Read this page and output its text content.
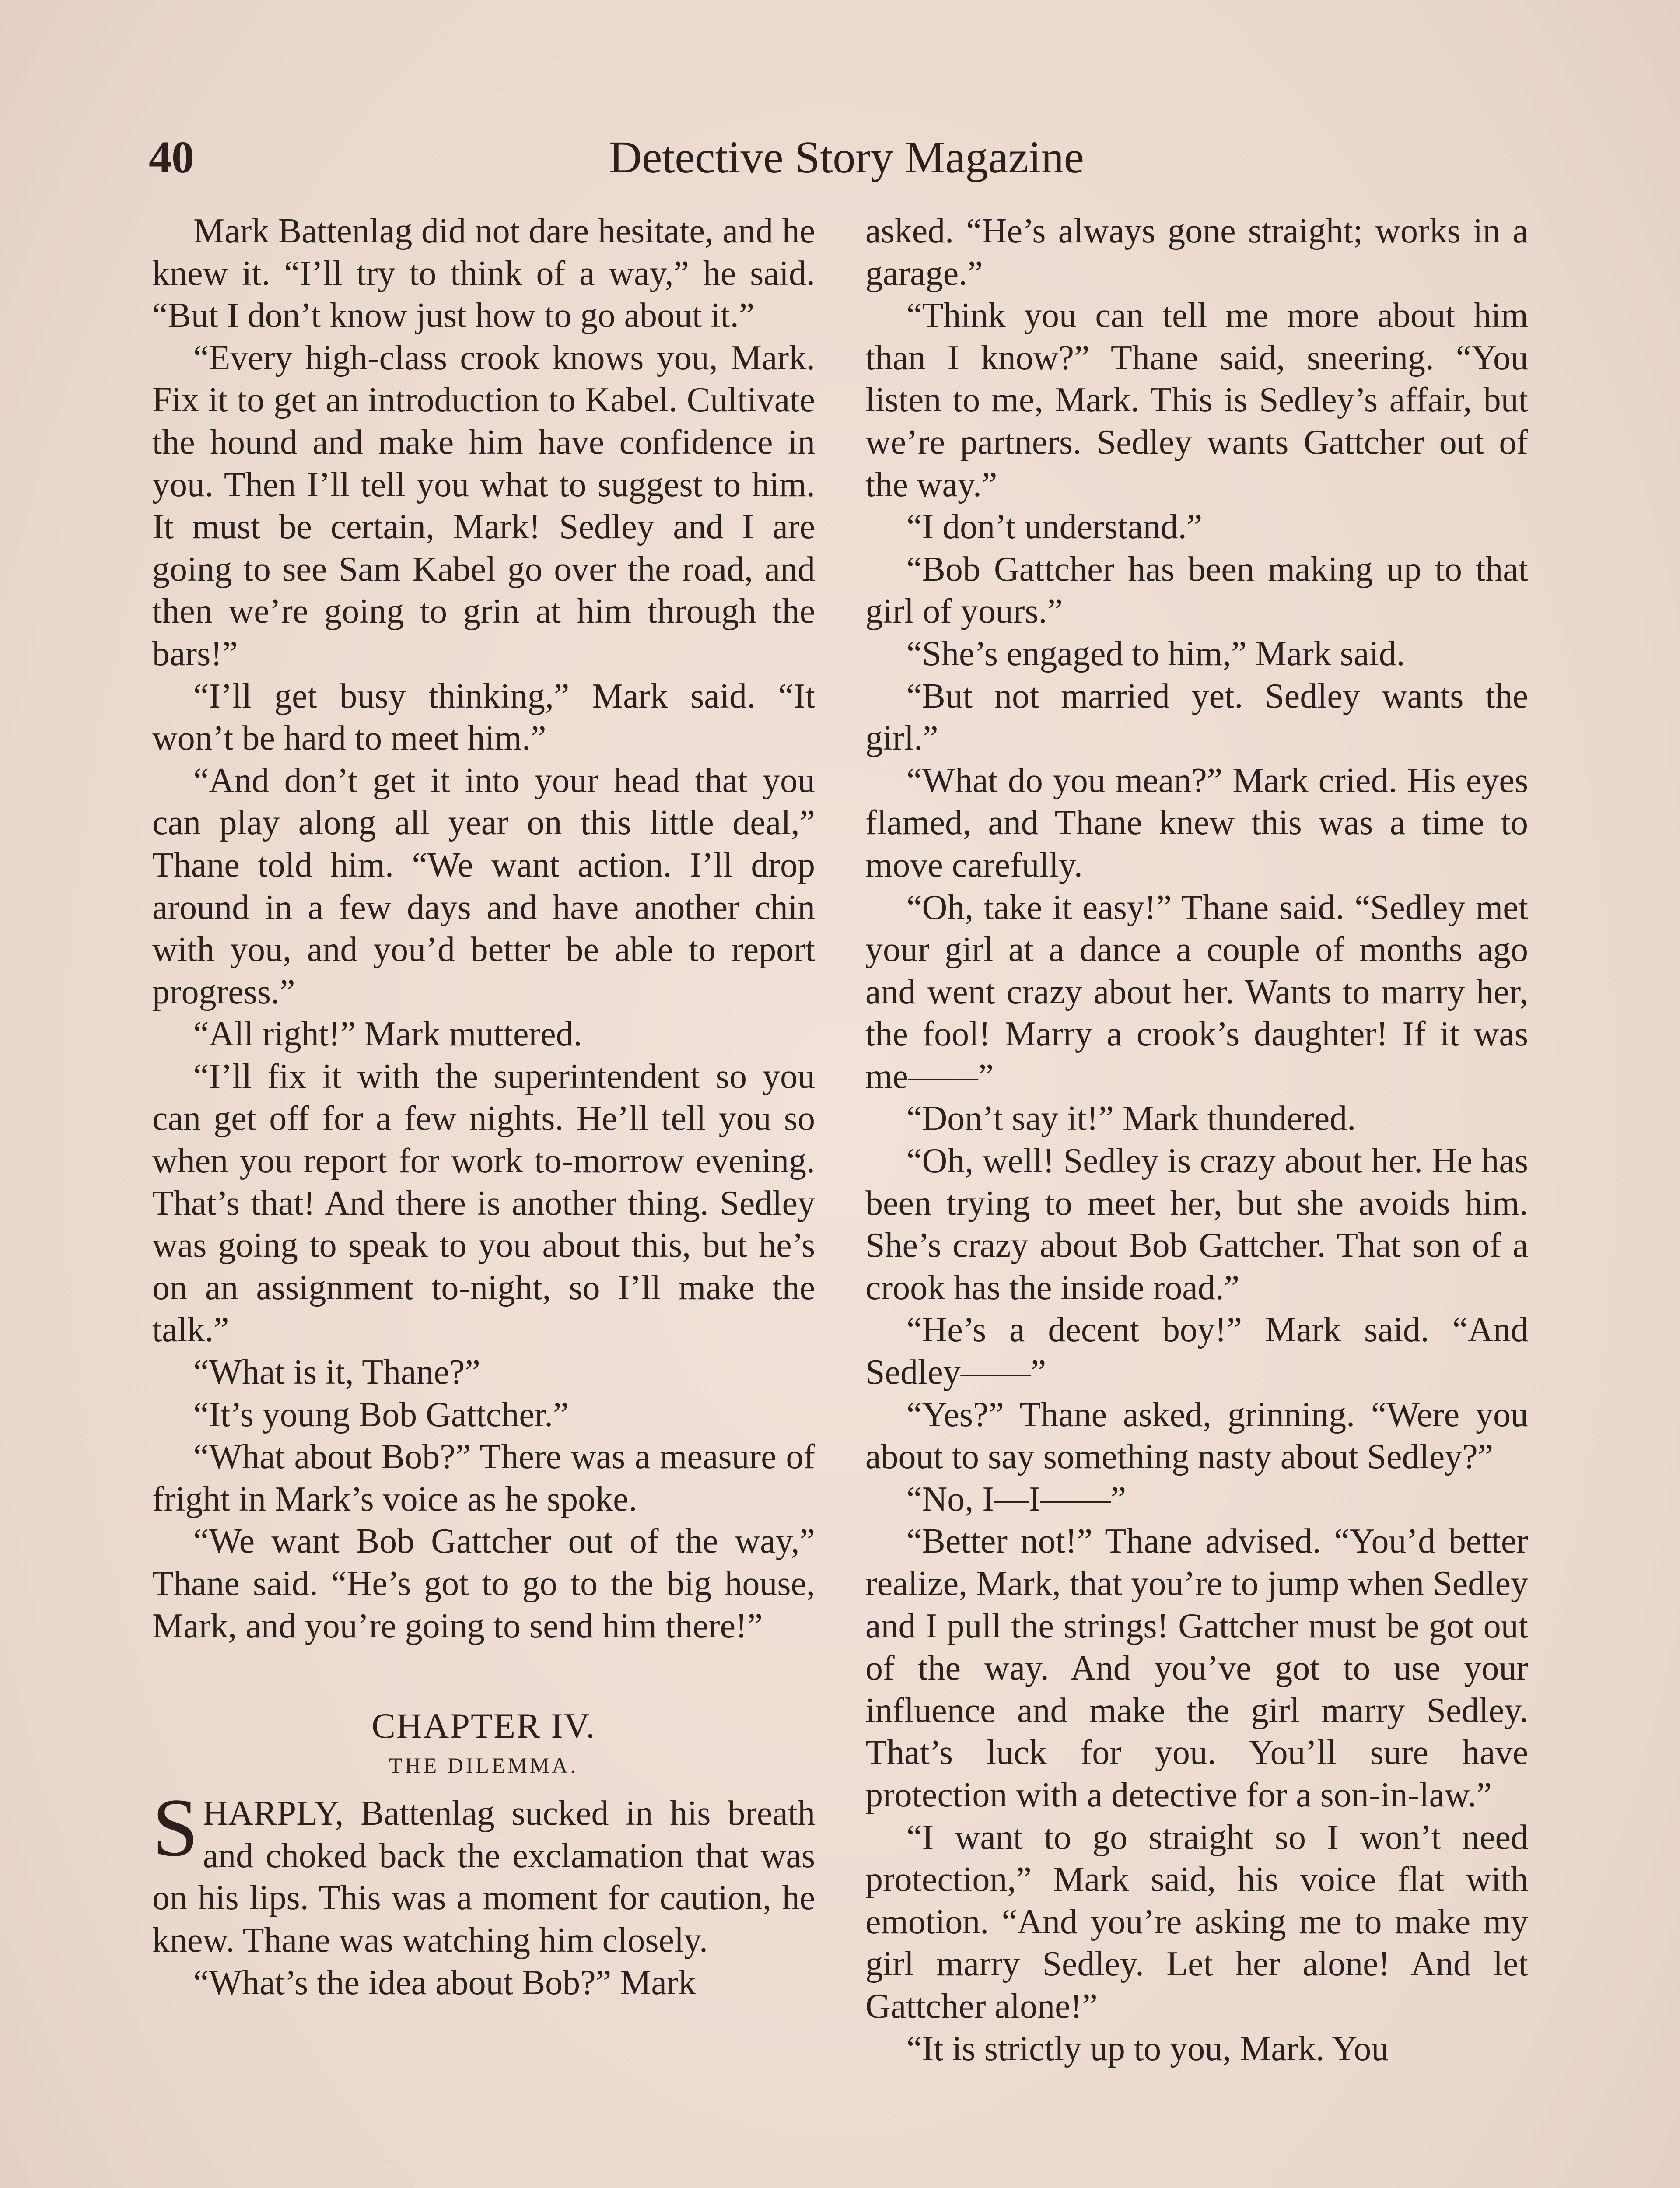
40	Detective Story Magazine

Mark Battenlag did not dare hesitate, and he knew it. “I’ll try to think of a way,” he said. “But I don’t know just how to go about it.”

“Every high-class crook knows you, Mark. Fix it to get an introduction to Kabel. Cultivate the hound and make him have confidence in you. Then I’ll tell you what to suggest to him. It must be certain, Mark! Sedley and I are going to see Sam Kabel go over the road, and then we’re going to grin at him through the bars!”

“I’ll get busy thinking,” Mark said. “It won’t be hard to meet him.”

“And don’t get it into your head that you can play along all year on this little deal,” Thane told him. “We want action. I’ll drop around in a few days and have another chin with you, and you’d better be able to report progress.”

“All right!” Mark muttered.

“I’ll fix it with the superintendent so you can get off for a few nights. He’ll tell you so when you report for work to-morrow evening. That’s that! And there is another thing. Sedley was going to speak to you about this, but he’s on an assignment to-night, so I’ll make the talk.”

“What is it, Thane?”

“It’s young Bob Gattcher.”

“What about Bob?” There was a measure of fright in Mark’s voice as he spoke.

“We want Bob Gattcher out of the way,” Thane said. “He’s got to go to the big house, Mark, and you’re going to send him there!”

CHAPTER IV.
THE DILEMMA.

SHARPLY, Battenlag sucked in his breath and choked back the exclamation that was on his lips. This was a moment for caution, he knew. Thane was watching him closely.

“What’s the idea about Bob?” Mark

asked. “He’s always gone straight; works in a garage.”

“Think you can tell me more about him than I know?” Thane said, sneering. “You listen to me, Mark. This is Sedley’s affair, but we’re partners. Sedley wants Gattcher out of the way.”

“I don’t understand.”

“Bob Gattcher has been making up to that girl of yours.”

“She’s engaged to him,” Mark said.

“But not married yet. Sedley wants the girl.”

“What do you mean?” Mark cried. His eyes flamed, and Thane knew this was a time to move carefully.

“Oh, take it easy!” Thane said. “Sedley met your girl at a dance a couple of months ago and went crazy about her. Wants to marry her, the fool! Marry a crook’s daughter! If it was me——”

“Don’t say it!” Mark thundered.

“Oh, well! Sedley is crazy about her. He has been trying to meet her, but she avoids him. She’s crazy about Bob Gattcher. That son of a crook has the inside road.”

“He’s a decent boy!” Mark said. “And Sedley——”

“Yes?” Thane asked, grinning. “Were you about to say something nasty about Sedley?”

“No, I—I——”

“Better not!” Thane advised. “You’d better realize, Mark, that you’re to jump when Sedley and I pull the strings! Gattcher must be got out of the way. And you’ve got to use your influence and make the girl marry Sedley. That’s luck for you. You’ll sure have protection with a detective for a son-in-law.”

“I want to go straight so I won’t need protection,” Mark said, his voice flat with emotion. “And you’re asking me to make my girl marry Sedley. Let her alone! And let Gattcher alone!”

“It is strictly up to you, Mark. You
